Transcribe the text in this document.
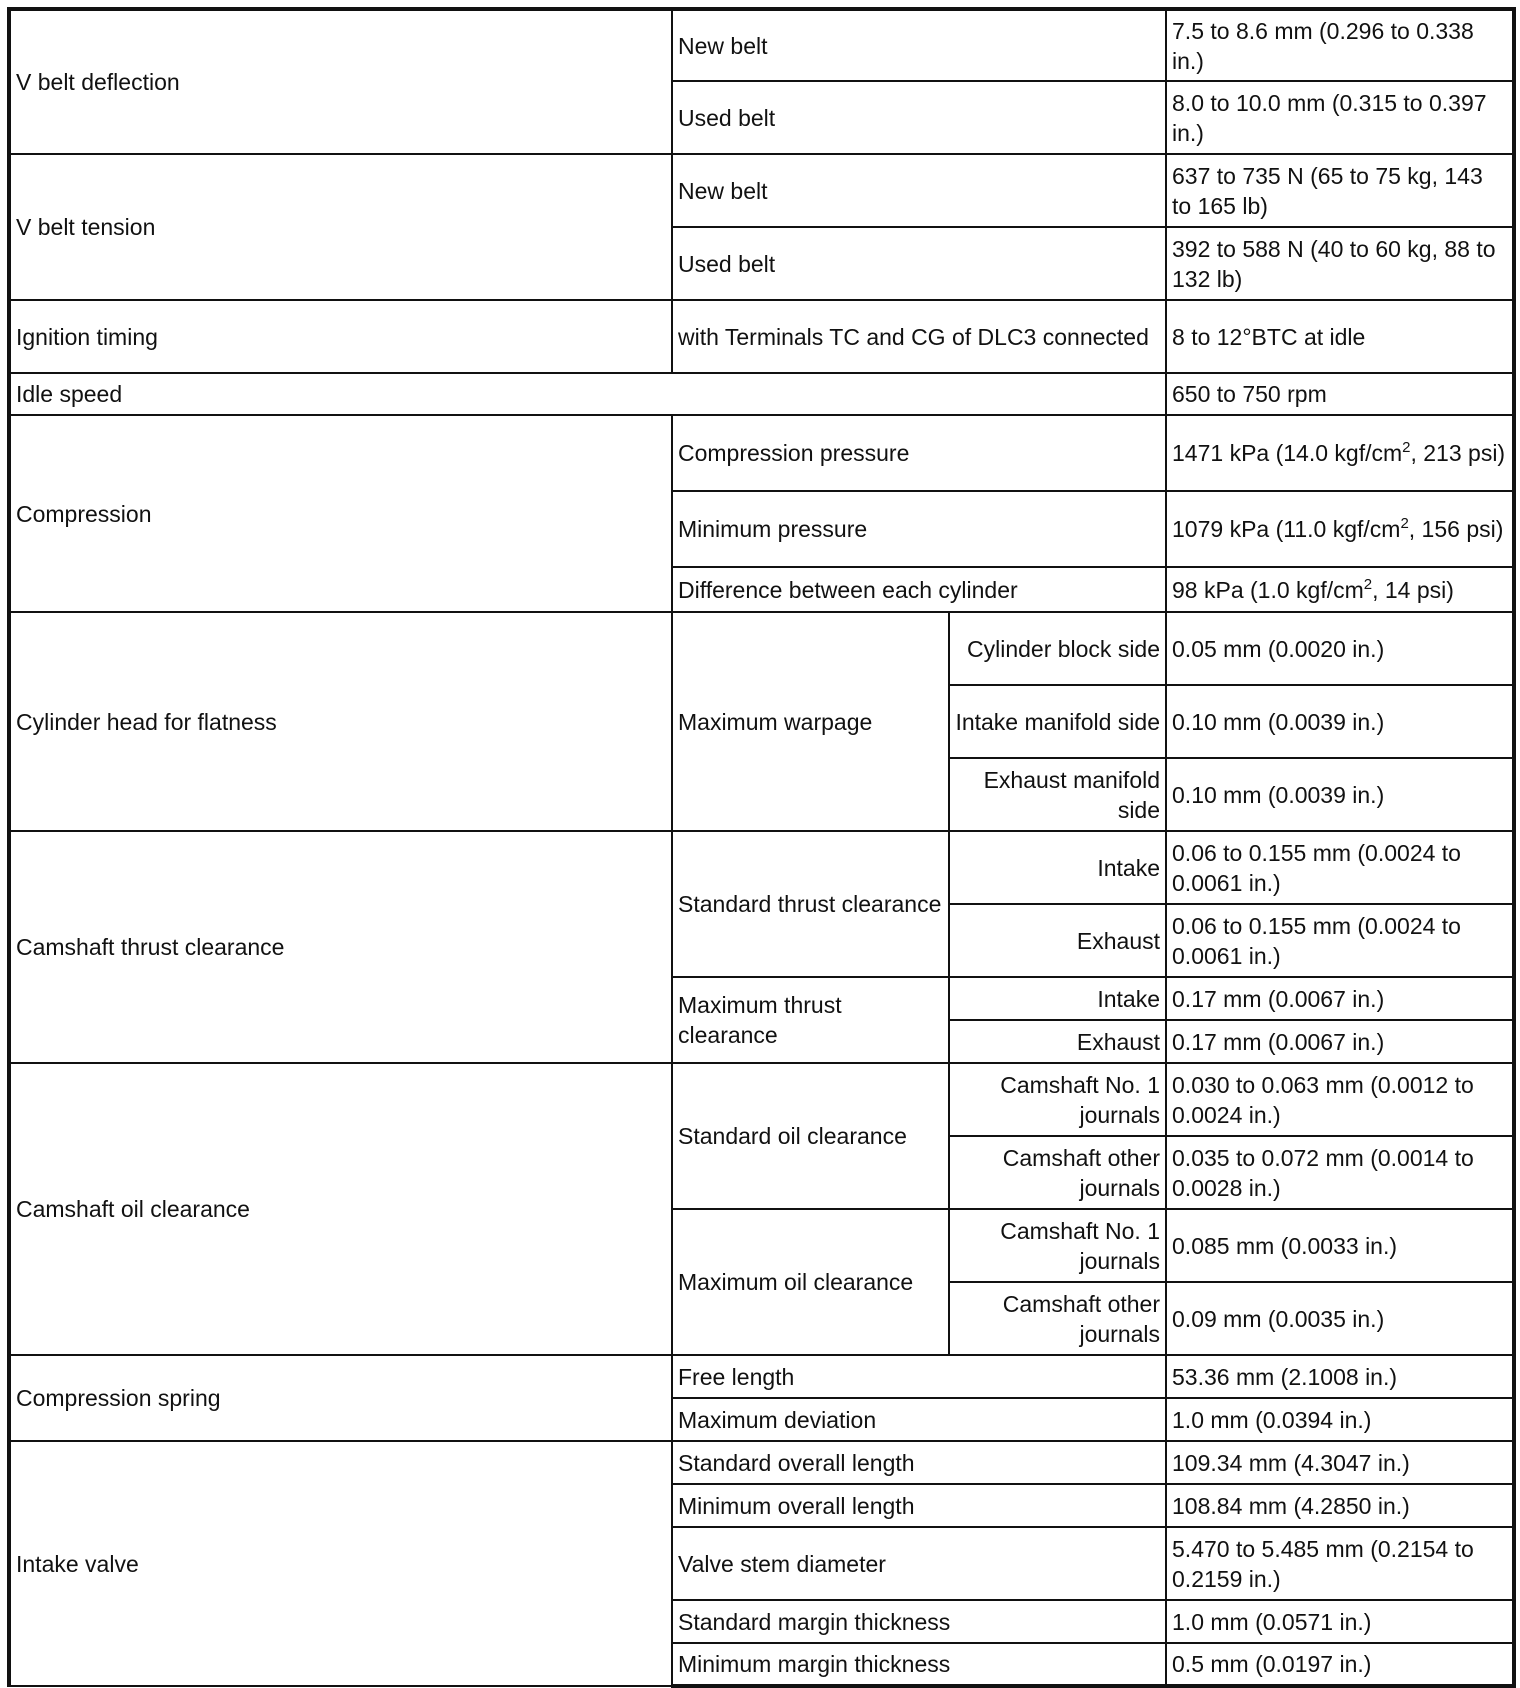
V belt deflection	New belt		7.5 to 8.6 mm (0.296 to 0.338 in.)
	Used belt		8.0 to 10.0 mm (0.315 to 0.397 in.)
V belt tension	New belt		637 to 735 N (65 to 75 kg, 143 to 165 lb)
	Used belt		392 to 588 N (40 to 60 kg, 88 to 132 lb)
Ignition timing	with Terminals TC and CG of DLC3 connected		8 to 12°BTC at idle
Idle speed			650 to 750 rpm
Compression	Compression pressure		1471 kPa (14.0 kgf/$cm^2$, 213 psi)
	Minimum pressure		1079 kPa (11.0 kgf/$cm^2$, 156 psi)
	Difference between each cylinder		98 kPa (1.0 kgf/$cm^2$, 14 psi)
Cylinder head for flatness	Maximum warpage	Cylinder block side	0.05 mm (0.0020 in.)
		Intake manifold side	0.10 mm (0.0039 in.)
		Exhaust manifold side	0.10 mm (0.0039 in.)
Camshaft thrust clearance	Standard thrust clearance	Intake	0.06 to 0.155 mm (0.0024 to 0.0061 in.)
		Exhaust	0.06 to 0.155 mm (0.0024 to 0.0061 in.)
	Maximum thrust clearance	Intake	0.17 mm (0.0067 in.)
		Exhaust	0.17 mm (0.0067 in.)
Camshaft oil clearance	Standard oil clearance	Camshaft No. 1 journals	0.030 to 0.063 mm (0.0012 to 0.0024 in.)
		Camshaft other journals	0.035 to 0.072 mm (0.0014 to 0.0028 in.)
	Maximum oil clearance	Camshaft No. 1 journals	0.085 mm (0.0033 in.)
		Camshaft other journals	0.09 mm (0.0035 in.)
Compression spring	Free length		53.36 mm (2.1008 in.)
	Maximum deviation		1.0 mm (0.0394 in.)
Intake valve	Standard overall length		109.34 mm (4.3047 in.)
	Minimum overall length		108.84 mm (4.2850 in.)
	Valve stem diameter		5.470 to 5.485 mm (0.2154 to 0.2159 in.)
	Standard margin thickness		1.0 mm (0.0571 in.)
	Minimum margin thickness		0.5 mm (0.0197 in.)
